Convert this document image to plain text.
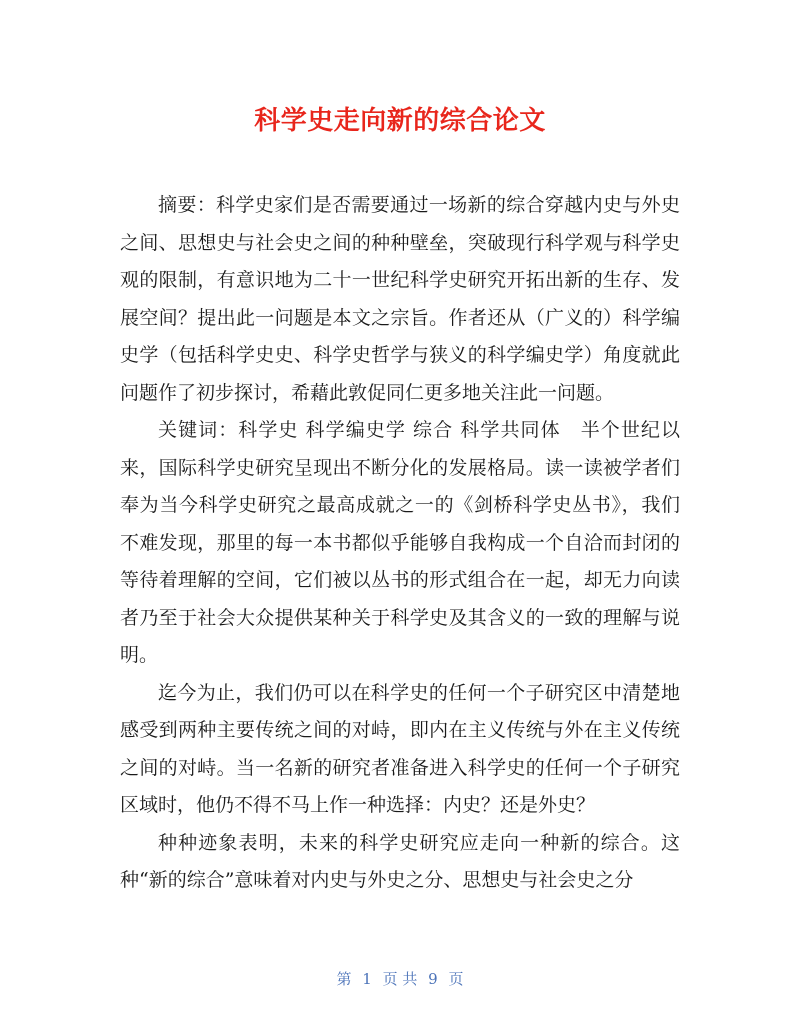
科学史走向新的综合论文

摘要：科学史家们是否需要通过一场新的综合穿越内史与外史之间、思想史与社会史之间的种种壁垒，突破现行科学观与科学史观的限制，有意识地为二十一世纪科学史研究开拓出新的生存、发展空间？提出此一问题是本文之宗旨。作者还从（广义的）科学编史学（包括科学史史、科学史哲学与狭义的科学编史学）角度就此问题作了初步探讨，希藉此敦促同仁更多地关注此一问题。

关键词：科学史 科学编史学 综合 科学共同体　半个世纪以来，国际科学史研究呈现出不断分化的发展格局。读一读被学者们奉为当今科学史研究之最高成就之一的《剑桥科学史丛书》，我们不难发现，那里的每一本书都似乎能够自我构成一个自洽而封闭的等待着理解的空间，它们被以丛书的形式组合在一起，却无力向读者乃至于社会大众提供某种关于科学史及其含义的一致的理解与说明。

迄今为止，我们仍可以在科学史的任何一个子研究区中清楚地感受到两种主要传统之间的对峙，即内在主义传统与外在主义传统之间的对峙。当一名新的研究者准备进入科学史的任何一个子研究区域时，他仍不得不马上作一种选择：内史？还是外史？

种种迹象表明，未来的科学史研究应走向一种新的综合。这种“新的综合”意味着对内史与外史之分、思想史与社会史之分

第 1 页 共 9 页
